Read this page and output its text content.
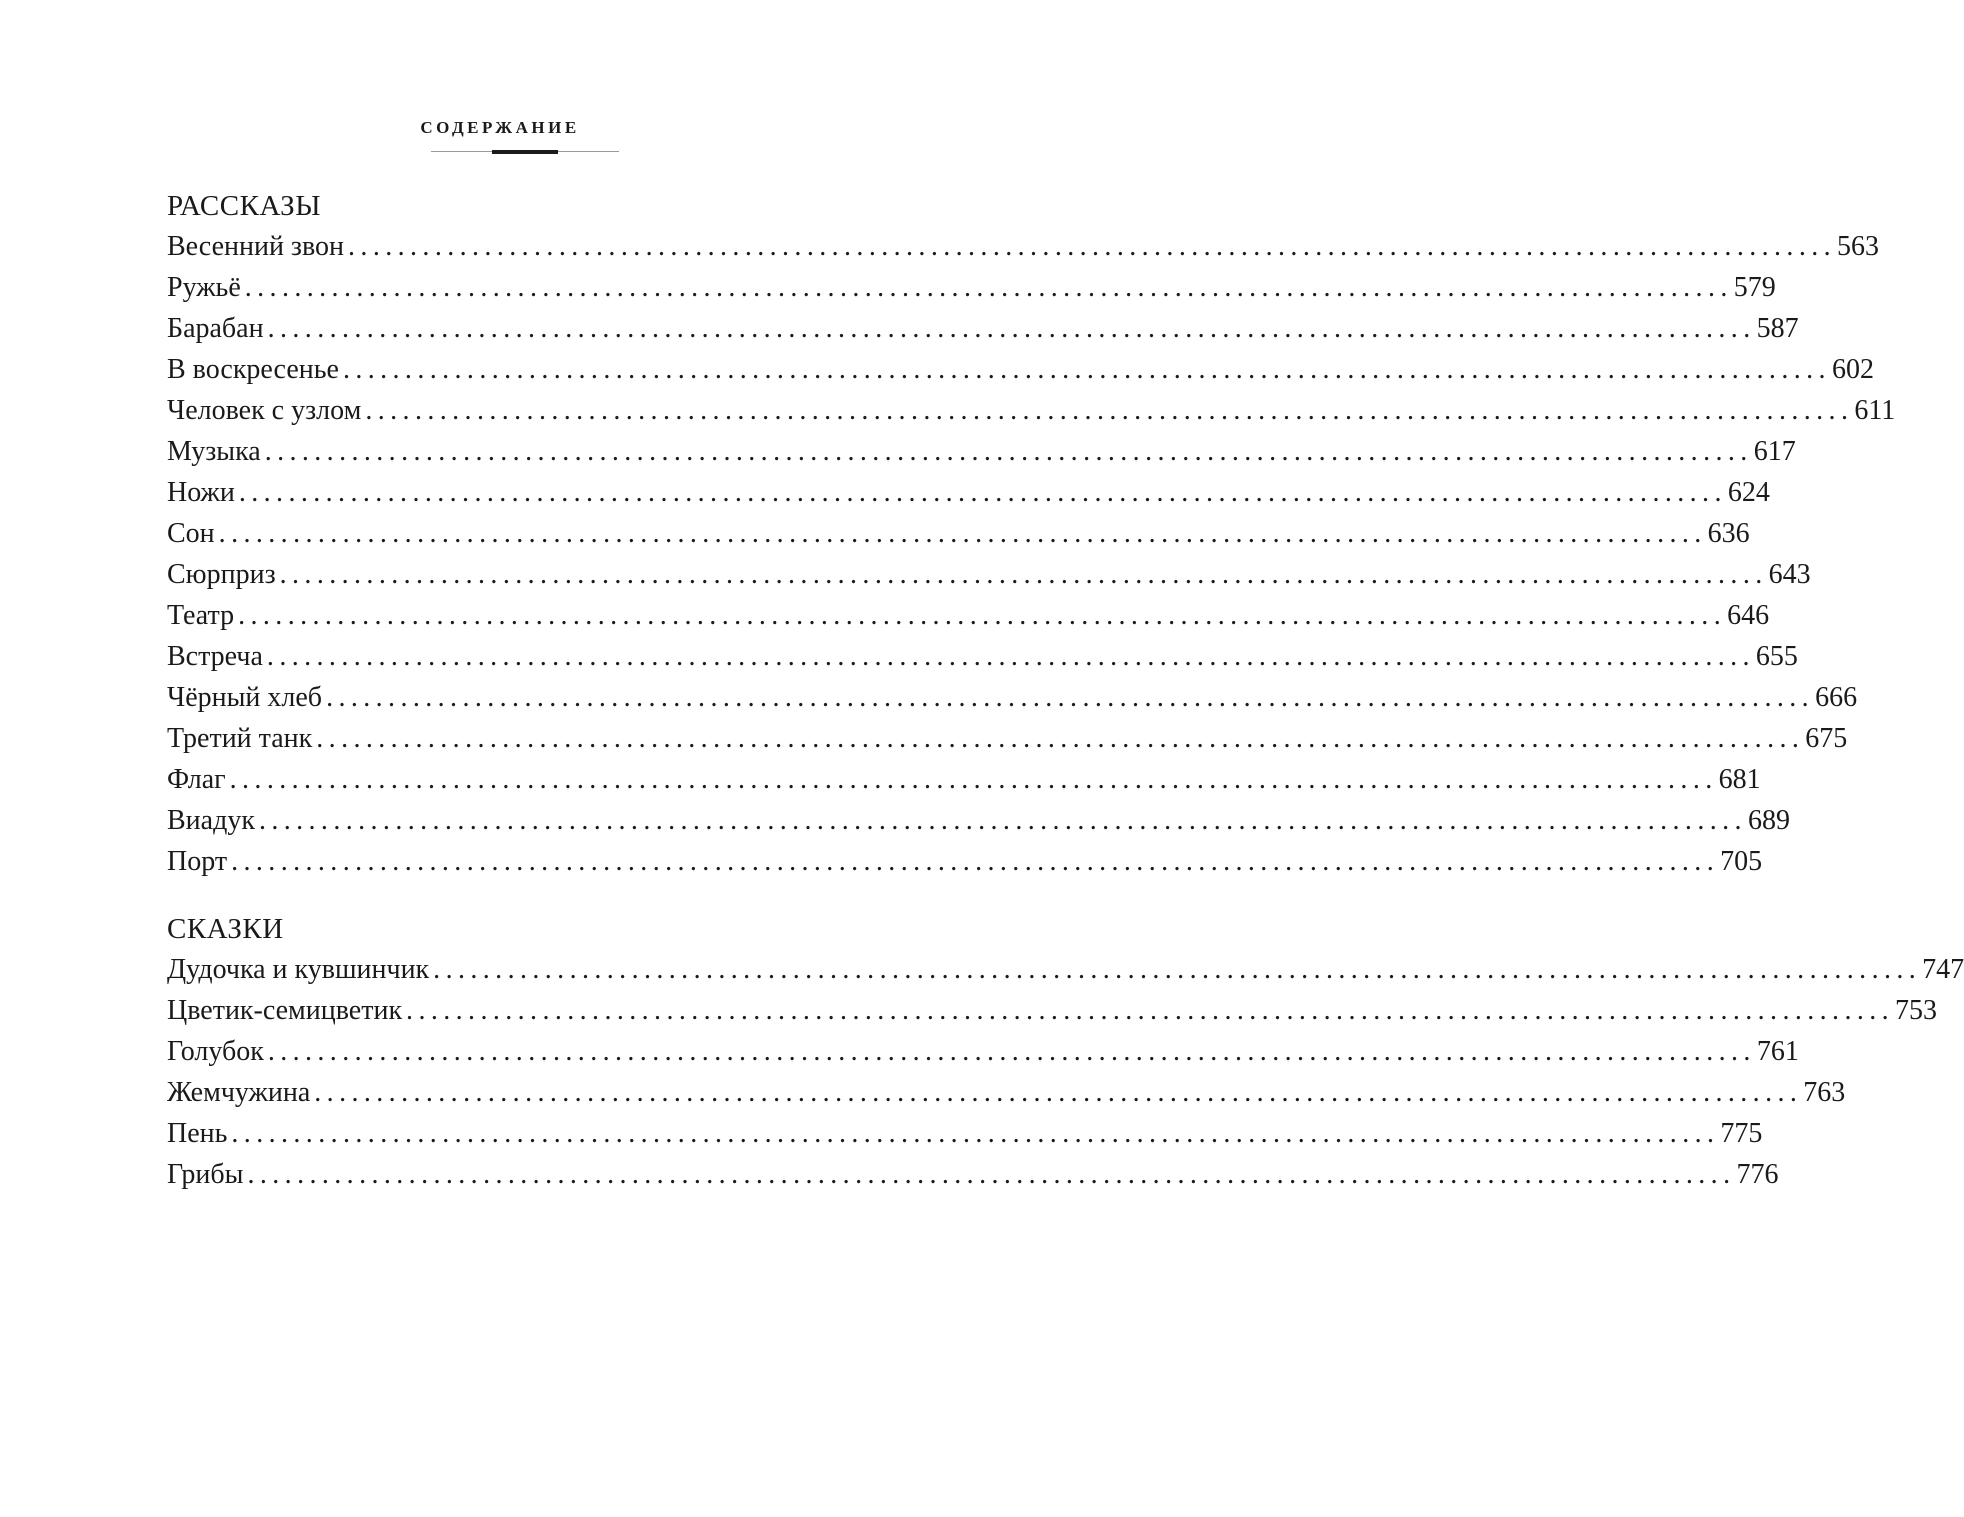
СОДЕРЖАНИЕ
РАССКАЗЫ
Весенний звон ........................................................................................................................ 563
Ружьё ........................................................................................................................ 579
Барабан ........................................................................................................................ 587
В воскресенье ........................................................................................................................ 602
Человек с узлом ........................................................................................................................ 611
Музыка ........................................................................................................................ 617
Ножи ........................................................................................................................ 624
Сон ........................................................................................................................ 636
Сюрприз ........................................................................................................................ 643
Театр ........................................................................................................................ 646
Встреча ........................................................................................................................ 655
Чёрный хлеб ........................................................................................................................ 666
Третий танк ........................................................................................................................ 675
Флаг ........................................................................................................................ 681
Виадук ........................................................................................................................ 689
Порт ........................................................................................................................ 705
СКАЗКИ
Дудочка и кувшинчик ........................................................................................................................ 747
Цветик-семицветик ........................................................................................................................ 753
Голубок ........................................................................................................................ 761
Жемчужина ........................................................................................................................ 763
Пень ........................................................................................................................ 775
Грибы ........................................................................................................................ 776
